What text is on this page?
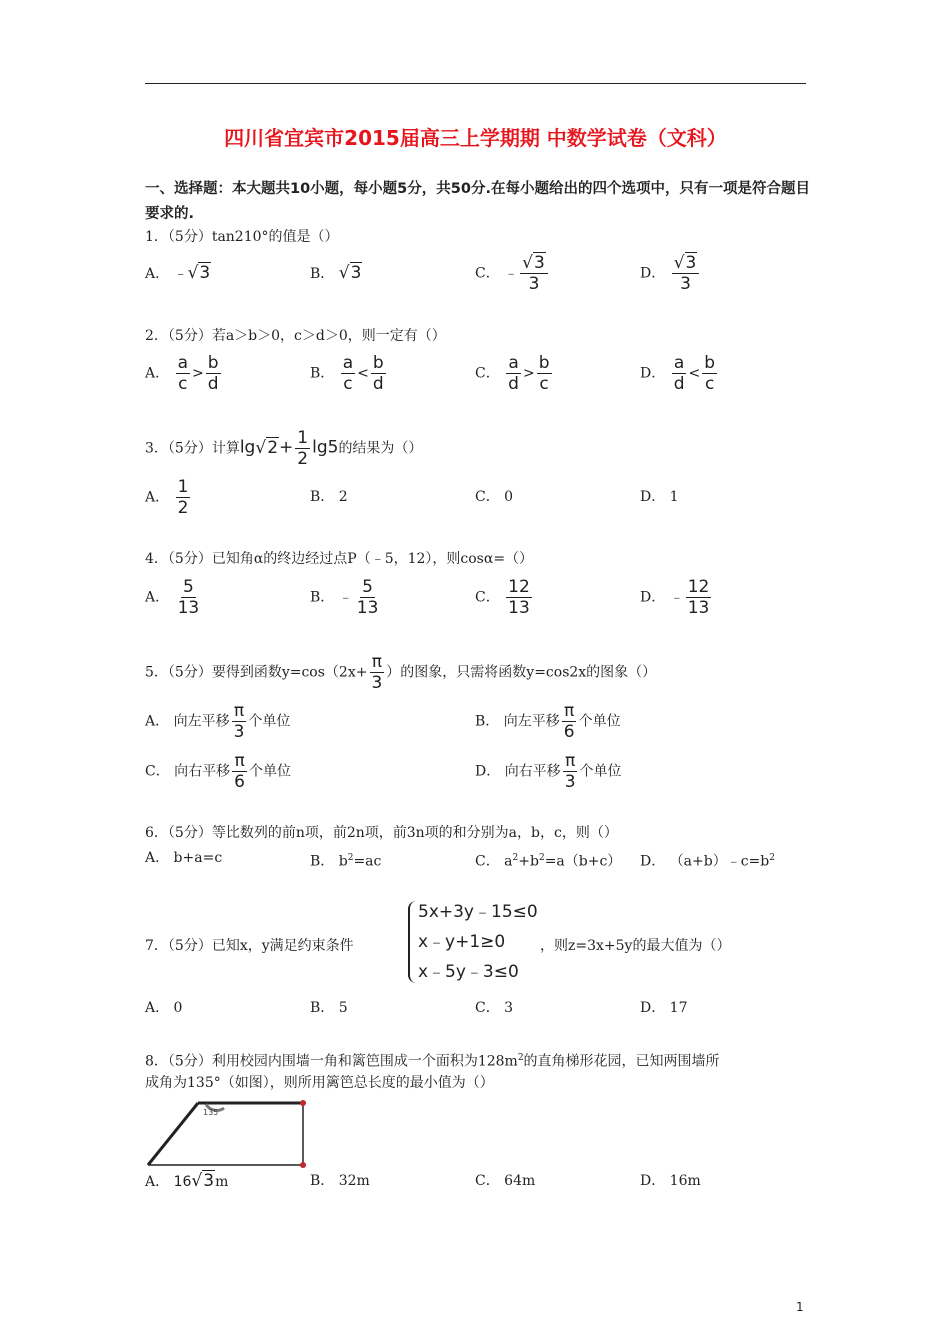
四川省宜宾市2015届高三上学期期 中数学试卷（文科）
一、选择题：本大题共10小题，每小题5分，共50分.在每小题给出的四个选项中，只有一项是符合题目要求的.
1．（5分）tan210°的值是（）
A． ﹣√3	B． √3	C． ﹣ $\frac{√3}{3}$	D． $\frac{√3}{3}$
2．（5分）若a＞b＞0，c＞d＞0，则一定有（）
A． $\frac{a}{c} > \frac{b}{d}$	B． $\frac{a}{c} < \frac{b}{d}$	C． $\frac{a}{d} > \frac{b}{c}$	D． $\frac{a}{d} < \frac{b}{c}$
3．（5分）计算$\lg√2+ \frac{1}{2} \lg 5$的结果为（）
A． $\frac{1}{2}$	B． 2	C． 0	D． 1
4．（5分）已知角α的终边经过点P（﹣5，12），则cosα=（）
A． $\frac{5}{13}$	B． ﹣ $\frac{5}{13}$	C． $\frac{12}{13}$	D． ﹣ $\frac{12}{13}$
5．（5分）要得到函数$y=\cos(2x+ \frac{\pi}{3}$ ）的图象，只需将函数y=cos2x的图象（）
A． 向左平移 $\frac{\pi}{3}$ 个单位	B． 向左平移 $\frac{\pi}{6}$ 个单位
C． 向右平移 $\frac{\pi}{6}$ 个单位	D． 向右平移 $\frac{\pi}{3}$ 个单位
6．（5分）等比数列的前n项，前2n项，前3n项的和分别为a，b，c，则（）
A． b+a=c	B． $b^2=ac$	C． $a^2+b^2=a(b+c)$ D． $(a+b)﹣c=b^2$
7．（5分）已知x，y满足约束条件
5x+3y﹣15≤0
x﹣y+1≥0
x﹣5y﹣3≤0
，则z=3x+5y的最大值为（）
A． 0	B． 5	C． 3	D． 17
8．（5分）利用校园内围墙一角和篱笆围成一个面积为$128m^2$的直角梯形花园，已知两围墙所
成角为135°（如图），则所用篱笆总长度的最小值为（）
135
A． 16√3m	B． 32m	C． 64m	D． 16m
1
